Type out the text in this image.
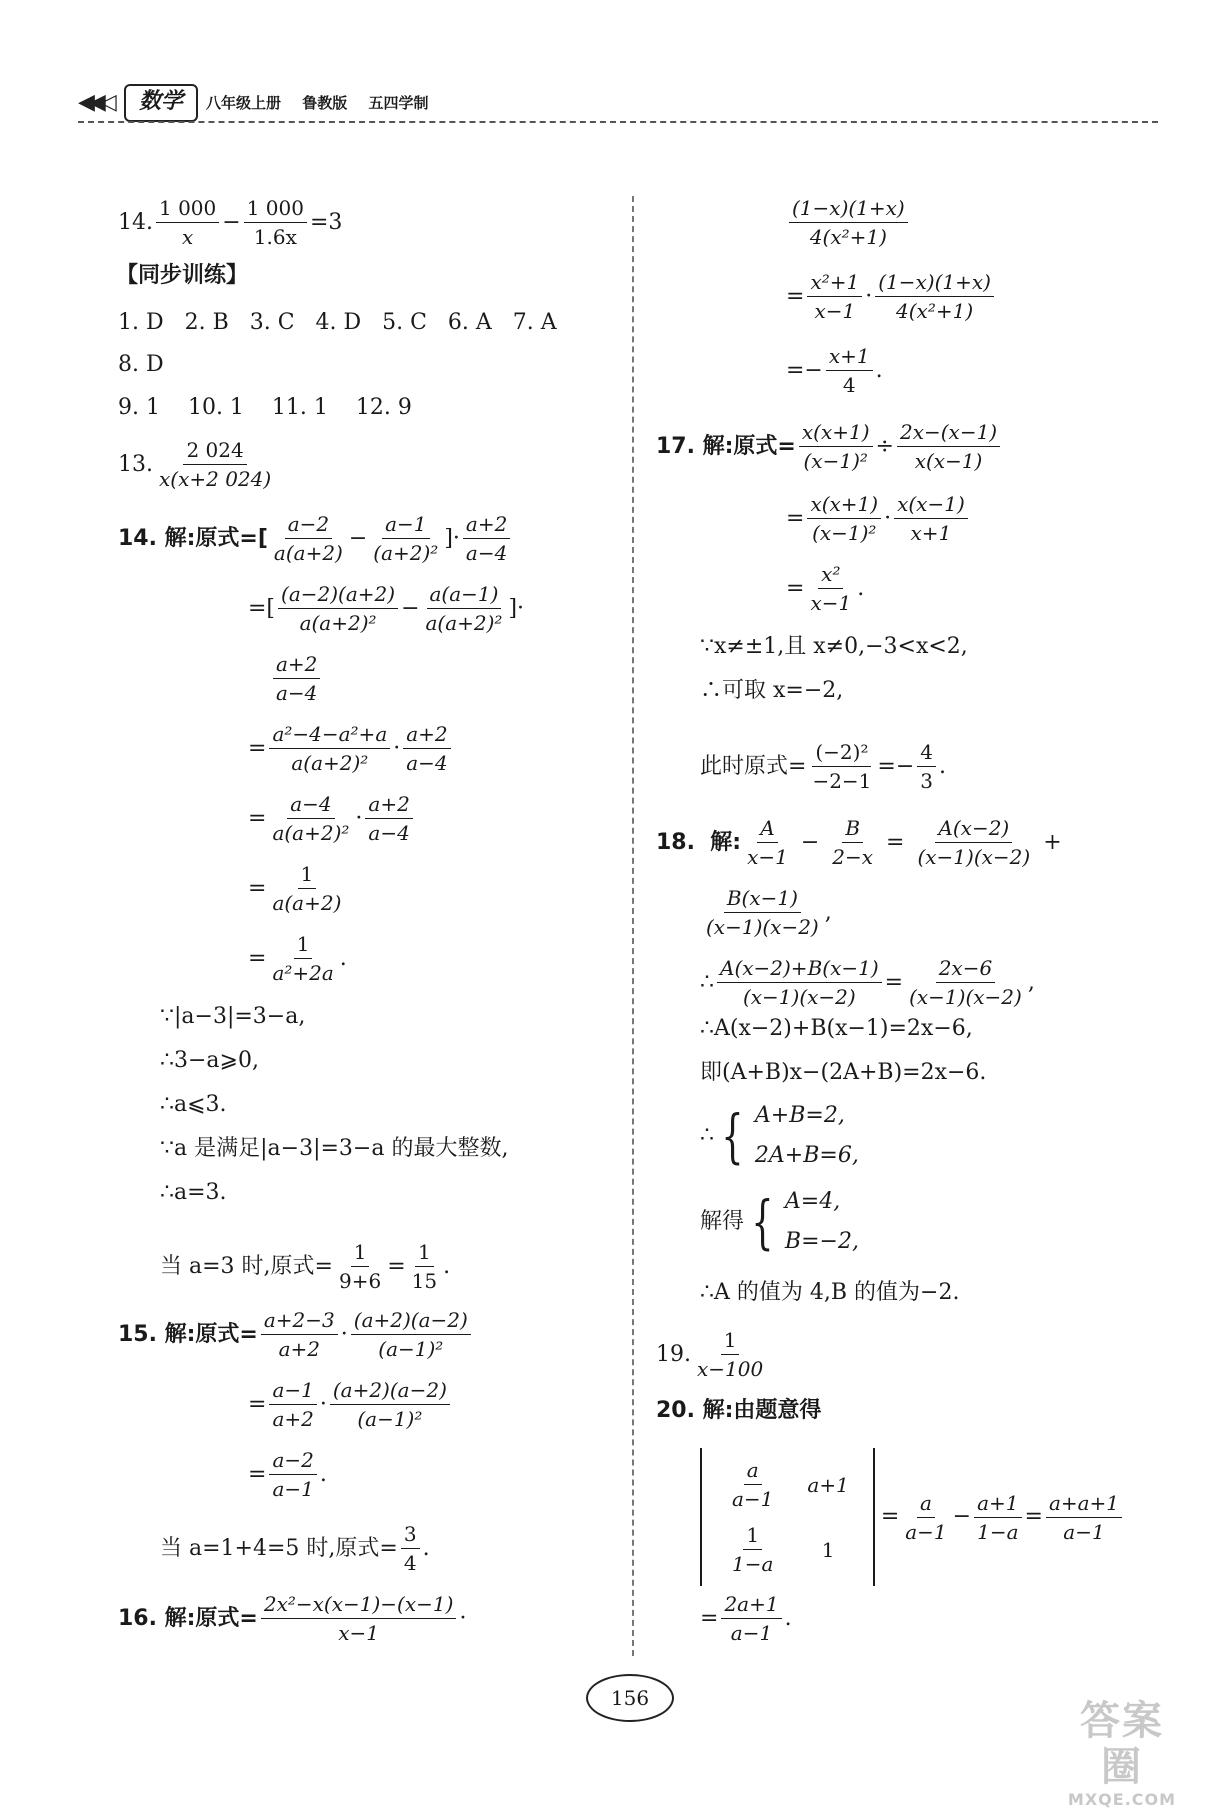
◀◀◁	数学	八年级上册 鲁教版 五四学制
14. $\frac{1 000}{x} - \frac{1 000}{1.6x} =3$
【同步训练】
1. D   2. B   3. C   4. D   5. C   6. A   7. A
8. D
9. 1    10. 1    11. 1    12. 9
13. $\frac{2 024}{x(x+2 024)}$
14. 解:原式=[ $\frac{a-2}{a(a+2)} - \frac{a-1}{\text{(a+2)²}}$ ]· $\frac{a+2}{a-4}$
=[ $\frac{(a-2)(a+2)}{\text{a(a+2)²}} - \frac{a(a-1)}{\text{a(a+2)²}}$ ]·
$\frac{a+2}{a-4}$
= $\frac{\text{a²−4−a²+a}}{\text{a(a+2)²}} \cdot \frac{a+2}{a-4}$
= $\frac{a-4}{\text{a(a+2)²}} \cdot \frac{a+2}{a-4}$
= $\frac{1}{a(a+2)}$
= $\frac{1}{\text{a²+2a}}$ .
∵|a−3|=3−a,
∴3−a⩾0,
∴a⩽3.
∵a 是满足|a−3|=3−a 的最大整数,
∴a=3.
当 a=3 时,原式= $\frac{1}{9+6} = \frac{1}{15}$ .
15. 解:原式= $\frac{a+2-3}{a+2} \cdot \frac{(a+2)(a-2)}{\text{(a−1)²}}$
= $\frac{a-1}{a+2} \cdot \frac{(a+2)(a-2)}{\text{(a−1)²}}$
= $\frac{a-2}{a-1}$ .
当 a=1+4=5 时,原式= $\frac{3}{4}$ .
16. 解:原式= $\frac{\text{2x²−x(x−1)−(x−1)}}{x-1}$ ·
$\frac{(1-x)(1+x)}{\text{4(x²+1)}}$
= $\frac{\text{x²+1}}{x-1} \cdot \frac{(1-x)(1+x)}{\text{4(x²+1)}}$
=− $\frac{x+1}{4}$ .
17. 解:原式= $\frac{x(x+1)}{\text{(x−1)²}} \div \frac{2x-(x-1)}{x(x-1)}$
= $\frac{x(x+1)}{\text{(x−1)²}} \cdot \frac{x(x-1)}{x+1}$
= $\frac{\text{x²}}{x-1}$ .
∵x≠±1,且 x≠0,−3<x<2,
∴可取 x=−2,
此时原式= $\frac{\text{(−2)²}}{-2-1} =- \frac{4}{3}$ .
18.  解: $\frac{A}{x-1} - \frac{B}{2-x} = \frac{A(x-2)}{(x-1)(x-2)}$ +
$\frac{B(x-1)}{(x-1)(x-2)}$ ,
∴ $\frac{A(x-2)+B(x-1)}{(x-1)(x-2)} = \frac{2x-6}{(x-1)(x-2)}$ ,
∴A(x−2)+B(x−1)=2x−6,
即(A+B)x−(2A+B)=2x−6.
∴ { A+B=2,
2A+B=6,
解得 { A=4,
B=−2,
∴A 的值为 4,B 的值为−2.
19. $\frac{1}{x-100}$
20. 解:由题意得
$\frac{a}{a-1}$	a+1

$\frac{1}{1-a}$	1
= $\frac{a}{a-1} - \frac{a+1}{1-a} = \frac{a+a+1}{a-1}$
= $\frac{2a+1}{a-1}$ .
156	答案圈
MXQE.COM
